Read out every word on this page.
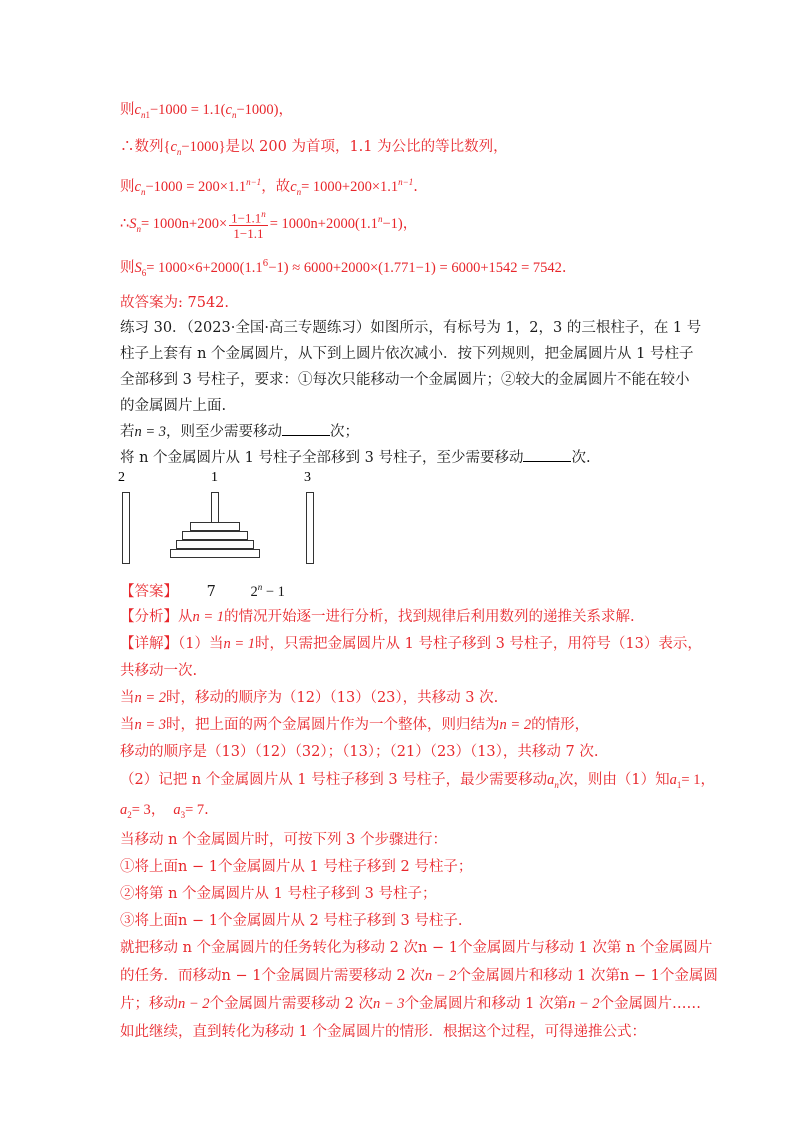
则$c_{n1}-1000 = 1.1(c_n-1000)$，
∴数列$\{c_n-1000\}$是以 200 为首项，1.1 为公比的等比数列，
则$c_n-1000 = 200\times 1.1^{n-1}$，故$c_n= 1000+200\times 1.1^{n-1}$.
$\therefore S_n= 1000n+200\times \frac{1-1.1^n}{1-1.1} = 1000n+2000(1.1^n-1)$，
则$S_6= 1000\times 6+2000(1.1^6-1) \approx 6000+2000\times(1.771-1) = 6000+1542 = 7542$.
故答案为: 7542.
练习 30．（2023·全国·高三专题练习）如图所示，有标号为 1，2，3 的三根柱子，在 1 号
柱子上套有 n 个金属圆片，从下到上圆片依次减小．按下列规则，把金属圆片从 1 号柱子
全部移到 3 号柱子，要求：①每次只能移动一个金属圆片；②较大的金属圆片不能在较小
的金属圆片上面.
若n = 3，则至少需要移动	次；
将 n 个金属圆片从 1 号柱子全部移到 3 号柱子，至少需要移动	次.
2	1	3
【答案】 7 $2^n - 1$
【分析】从n = 1的情况开始逐一进行分析，找到规律后利用数列的递推关系求解.
【详解】（1）当n = 1时，只需把金属圆片从 1 号柱子移到 3 号柱子，用符号（13）表示，
共移动一次.
当n = 2时，移动的顺序为（12）（13）（23），共移动 3 次.
当n = 3时，把上面的两个金属圆片作为一个整体，则归结为n = 2的情形，
移动的顺序是（13）（12）（32）；（13）；（21）（23）（13），共移动 7 次.
（2）记把 n 个金属圆片从 1 号柱子移到 3 号柱子，最少需要移动$a_n$次，则由（1）知$a_1= 1$，
$a_2= 3$， $a_3= 7$.
当移动 n 个金属圆片时，可按下列 3 个步骤进行：
①将上面n − 1个金属圆片从 1 号柱子移到 2 号柱子；
②将第 n 个金属圆片从 1 号柱子移到 3 号柱子；
③将上面n − 1个金属圆片从 2 号柱子移到 3 号柱子.
就把移动 n 个金属圆片的任务转化为移动 2 次n − 1个金属圆片与移动 1 次第 n 个金属圆片
的任务．而移动n − 1个金属圆片需要移动 2 次n − 2个金属圆片和移动 1 次第n − 1个金属圆
片；移动n − 2个金属圆片需要移动 2 次n − 3个金属圆片和移动 1 次第n − 2个金属圆片……
如此继续，直到转化为移动 1 个金属圆片的情形．根据这个过程，可得递推公式：
